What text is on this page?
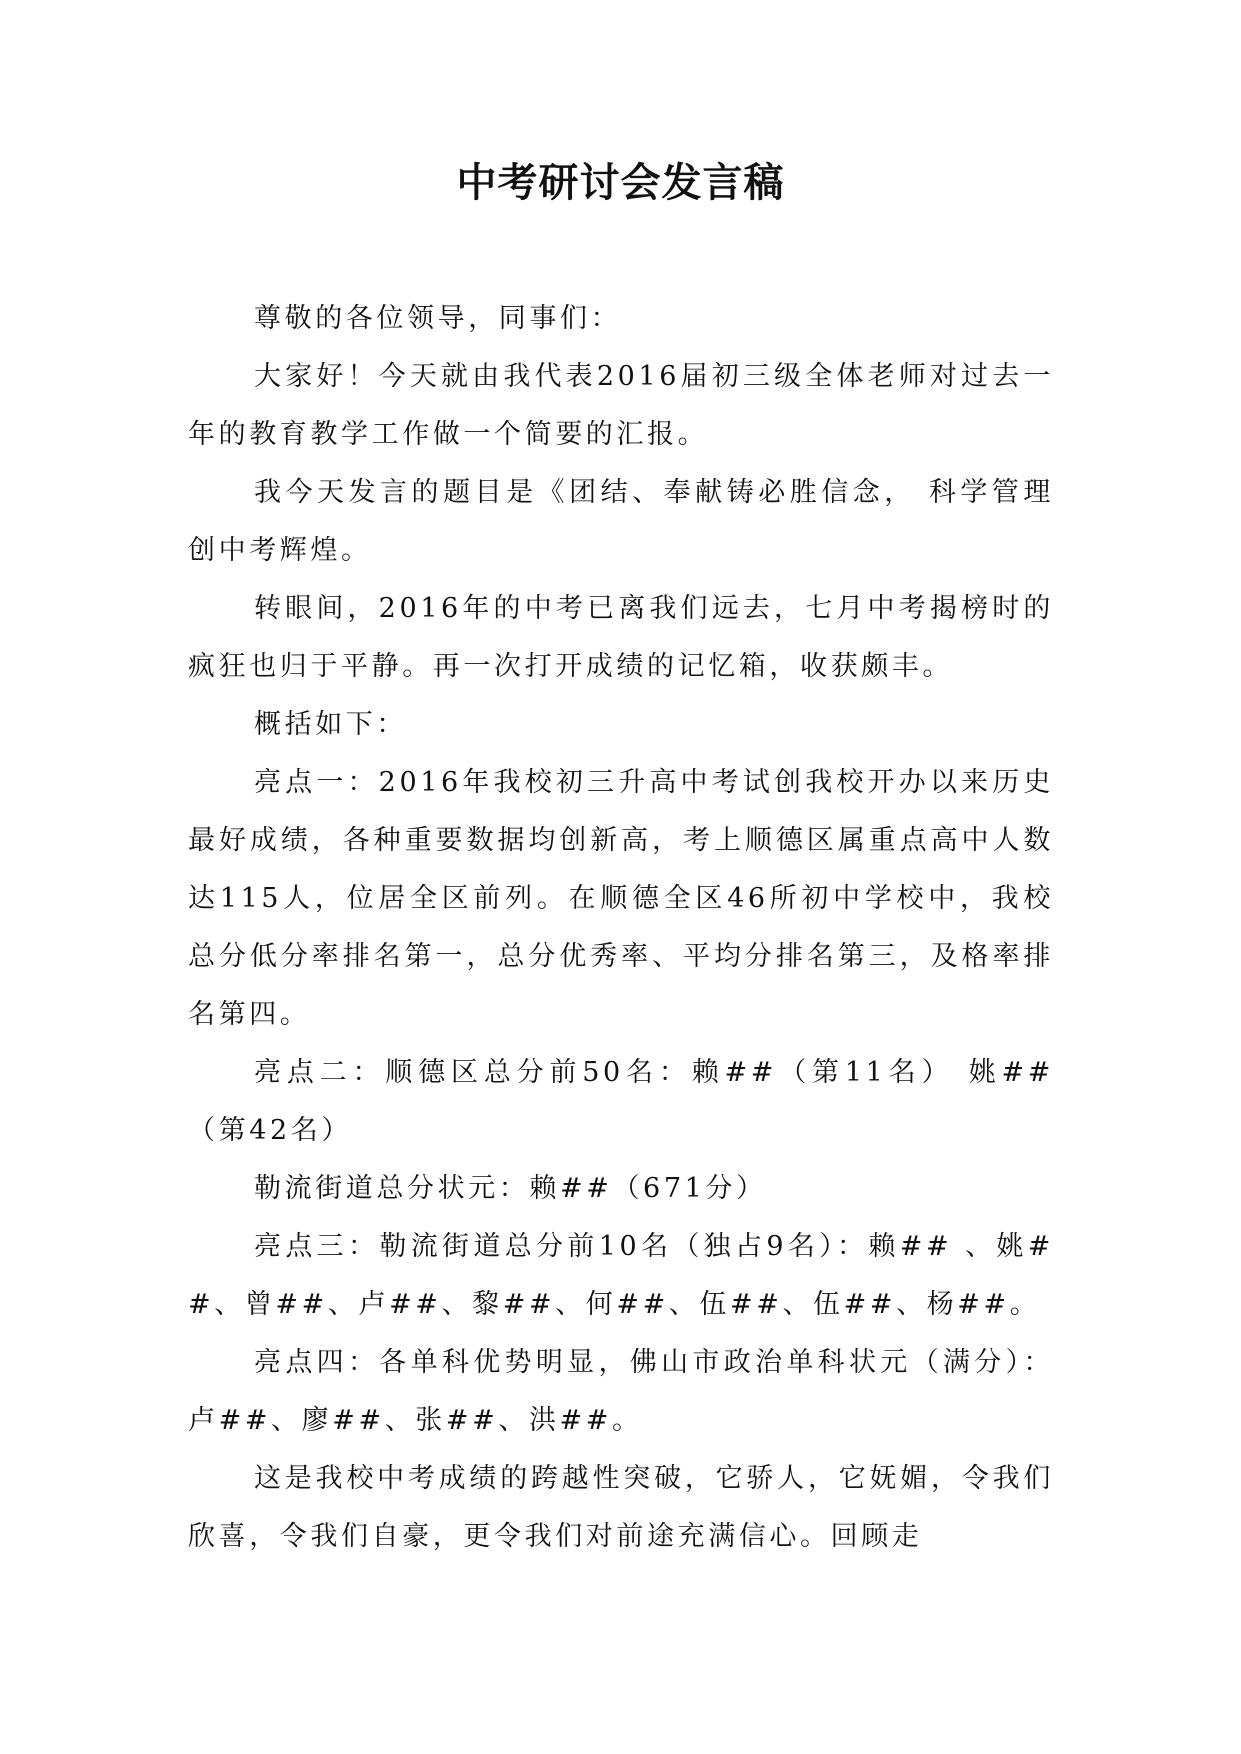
中考研讨会发言稿

尊敬的各位领导，同事们：

大家好！今天就由我代表2016届初三级全体老师对过去一年的教育教学工作做一个简要的汇报。

我今天发言的题目是《团结、奉献铸必胜信念， 科学管理创中考辉煌。

转眼间，2016年的中考已离我们远去，七月中考揭榜时的疯狂也归于平静。再一次打开成绩的记忆箱，收获颇丰。

概括如下：

亮点一：2016年我校初三升高中考试创我校开办以来历史最好成绩，各种重要数据均创新高，考上顺德区属重点高中人数达115人，位居全区前列。在顺德全区46所初中学校中，我校总分低分率排名第一，总分优秀率、平均分排名第三，及格率排名第四。

亮点二：顺德区总分前50名：赖##（第11名） 姚##（第42名）

勒流街道总分状元：赖##（671分）

亮点三：勒流街道总分前10名（独占9名）：赖## 、姚##、曾##、卢##、黎##、何##、伍##、伍##、杨##。

亮点四：各单科优势明显，佛山市政治单科状元（满分）：卢##、廖##、张##、洪##。

这是我校中考成绩的跨越性突破，它骄人，它妩媚，令我们欣喜，令我们自豪，更令我们对前途充满信心。回顾走
